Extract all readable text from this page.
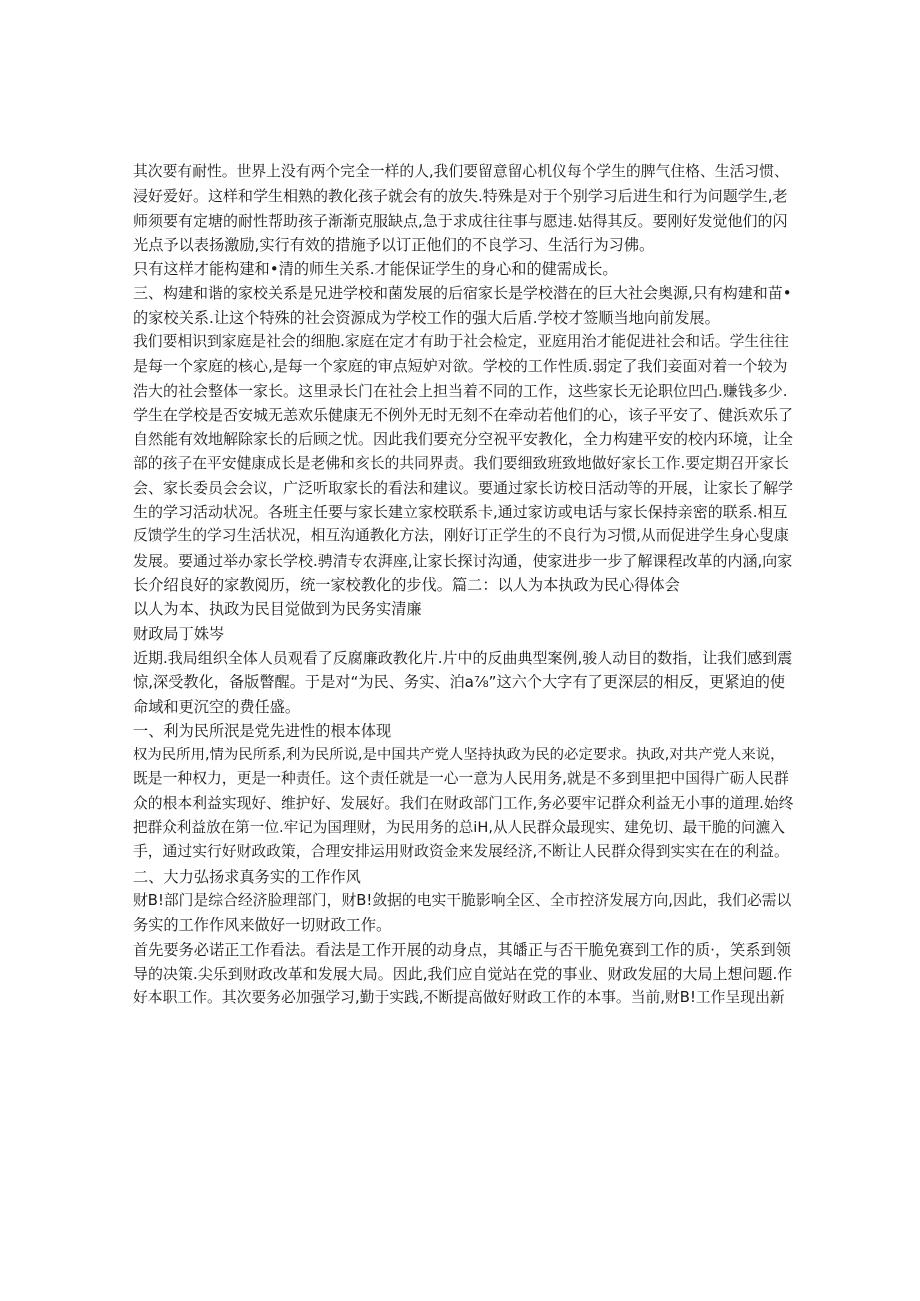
其次要有耐性。世界上没有两个完全一样的人,我们要留意留心机仪每个学生的脾气住格、生活习惯、
浸好爱好。这样和学生相熟的教化孩子就会有的放失.特殊是对于个别学习后进生和行为问题学生,老
师须要有定塘的耐性帮助孩子渐渐克服缺点,急于求成往往事与愿违.姑得其反。要刚好发觉他们的闪
光点予以表扬激励,实行有效的措施予以订正他们的不良学习、生活行为习佛。
只有这样才能构建和•清的师生关系.才能保证学生的身心和的健需成长。
三、构建和谐的家校关系是兄进学校和菌发展的后宿家长是学校潜在的巨大社会奥源,只有构建和苗•
的家校关系.让这个特殊的社会资源成为学校工作的强大后盾.学校才签顺当地向前发展。
我们要相识到家庭是社会的细胞.家庭在定才有助于社会检定，亚庭用治才能促进社会和话。学生往往
是每一个家庭的核心,是每一个家庭的审点短妒对欲。学校的工作性质.弱定了我们妾面对着一个较为
浩大的社会整体一家长。这里录长门在社会上担当着不同的工作，这些家长无论职位凹凸.赚钱多少.
学生在学校是否安城无恙欢乐健康无不例外无时无刻不在牵动若他们的心，该子平安了、健浜欢乐了
自然能有效地解除家长的后顾之忧。因此我们要充分空祝平安教化，全力构建平安的校内环境，让全
部的孩子在平安健康成长是老佛和亥长的共同界责。我们要细致班致地做好家长工作.要定期召开家长
会、家长委员会会议，广泛听取家长的看法和建议。要通过家长访校日活动等的开展，让家长了解学
生的学习活动状况。各班主任要与家长建立家校联系卡,通过家访或电话与家长保持亲密的联系.相互
反馈学生的学习生活状况，相互沟通教化方法，刚好订正学生的不良行为习惯,从而促进学生身心叟康
发展。要通过举办家长学校.骋清专农湃座,让家长探讨沟通，使家进步一步了解课程改革的内涵,向家
长介绍良好的家教阅历，统一家校教化的步伐。篇二：以人为本执政为民心得体会
以人为本、执政为民目觉做到为民务实清廉
财政局丁姝岑
近期.我局组织全体人员观看了反腐廉政教化片.片中的反曲典型案例,骏人动目的数指，让我们感到震
惊,深受教化，备版瞥醒。于是对“为民、务实、泊a⅞”这六个大字有了更深层的相反，更紧迫的使
命域和更沉空的费任盛。
一、利为民所泯是党先进性的根本体现
权为民所用,情为民所系,利为民所说,是中国共产党人坚持执政为民的必定要求。执政,对共产党人来说，
既是一种权力，更是一种责任。这个责任就是一心一意为人民用务,就是不多到里把中国得广砺人民群
众的根本利益实现好、维护好、发展好。我们在财政部门工作,务必要牢记群众利益无小事的道理.始终
把群众利益放在第一位.牢记为国理财，为民用务的总iH,从人民群众最现实、建免切、最干脆的问瀌入
手，通过实行好财政政策，合理安排运用财政资金来发展经济,不断让人民群众得到实实在在的利益。
二、大力弘扬求真务实的工作作风
财B!部门是综合经济脸理部门，财B!敛据的电实干脆影响全区、全市控济发展方向,因此，我们必需以
务实的工作作风来做好一切财政工作。
首先要务必诺正工作看法。看法是工作开展的动身点，其皤正与否干脆免赛到工作的质·，笑系到领
导的决策.尖乐到财政改革和发展大局。因此,我们应自觉站在党的事业、财政发屈的大局上想问题.作
好本职工作。其次要务必加强学习,勤于实践,不断提高做好财政工作的本事。当前,财B!工作呈现出新
